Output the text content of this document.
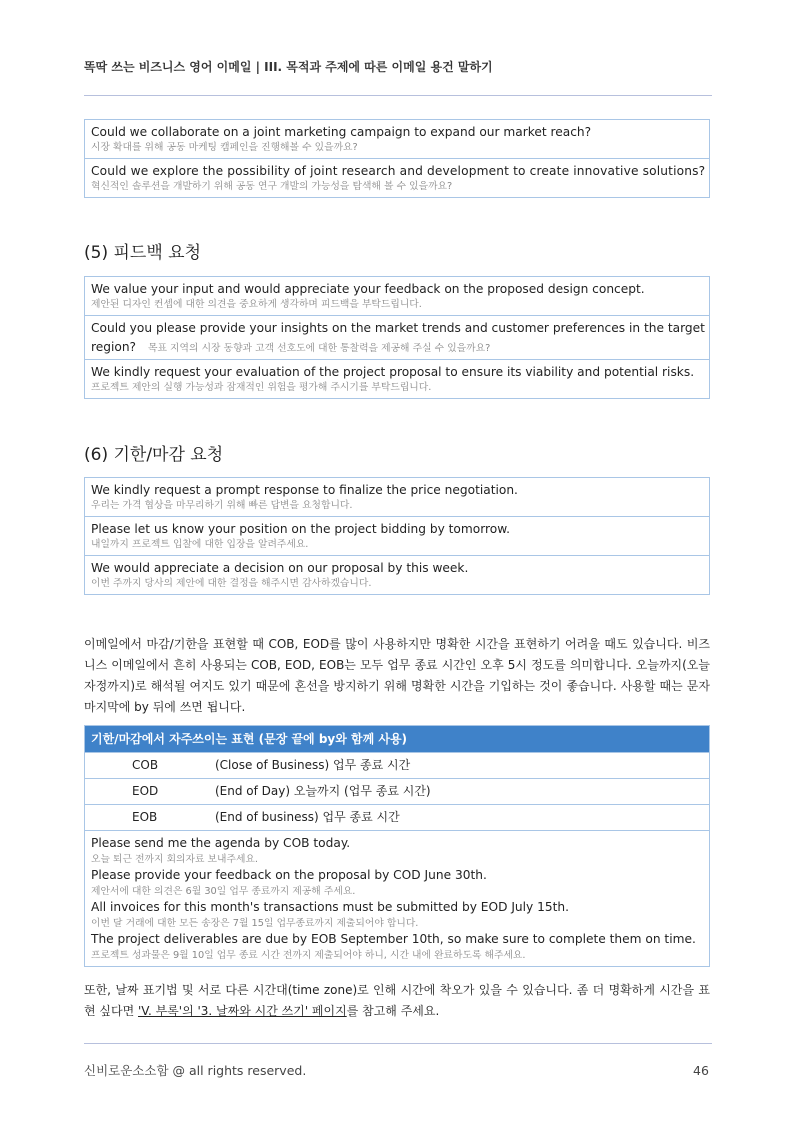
똑딱 쓰는 비즈니스 영어 이메일 | III. 목적과 주제에 따른 이메일 용건 말하기
Could we collaborate on a joint marketing campaign to expand our market reach?
시장 확대를 위해 공동 마케팅 캠페인을 진행해볼 수 있을까요?
Could we explore the possibility of joint research and development to create innovative solutions?
혁신적인 솔루션을 개발하기 위해 공동 연구 개발의 가능성을 탐색해 볼 수 있을까요?
(5) 피드백 요청
We value your input and would appreciate your feedback on the proposed design concept.
제안된 디자인 컨셉에 대한 의견을 중요하게 생각하며 피드백을 부탁드립니다.
Could you please provide your insights on the market trends and customer preferences in the target
region? 목표 지역의 시장 동향과 고객 선호도에 대한 통찰력을 제공해 주실 수 있을까요?
We kindly request your evaluation of the project proposal to ensure its viability and potential risks.
프로젝트 제안의 실행 가능성과 잠재적인 위험을 평가해 주시기를 부탁드립니다.
(6) 기한/마감 요청
We kindly request a prompt response to finalize the price negotiation.
우리는 가격 협상을 마무리하기 위해 빠른 답변을 요청합니다.
Please let us know your position on the project bidding by tomorrow.
내일까지 프로젝트 입찰에 대한 입장을 알려주세요.
We would appreciate a decision on our proposal by this week.
이번 주까지 당사의 제안에 대한 결정을 해주시면 감사하겠습니다.
이메일에서 마감/기한을 표현할 때 COB, EOD를 많이 사용하지만 명확한 시간을 표현하기 어려울 때도 있습니다. 비즈니스 이메일에서 흔히 사용되는 COB, EOD, EOB는 모두 업무 종료 시간인 오후 5시 정도를 의미합니다. 오늘까지(오늘 자정까지)로 해석될 여지도 있기 때문에 혼선을 방지하기 위해 명확한 시간을 기입하는 것이 좋습니다. 사용할 때는 문자 마지막에 by 뒤에 쓰면 됩니다.
기한/마감에서 자주쓰이는 표현 (문장 끝에 by와 함께 사용)
COB	(Close of Business) 업무 종료 시간
EOD	(End of Day) 오늘까지 (업무 종료 시간)
EOB	(End of business) 업무 종료 시간
Please send me the agenda by COB today.
오늘 퇴근 전까지 회의자료 보내주세요.
Please provide your feedback on the proposal by COD June 30th.
제안서에 대한 의견은 6월 30일 업무 종료까지 제공해 주세요.
All invoices for this month's transactions must be submitted by EOD July 15th.
이번 달 거래에 대한 모든 송장은 7월 15일 업무종료까지 제출되어야 합니다.
The project deliverables are due by EOB September 10th, so make sure to complete them on time.
프로젝트 성과물은 9월 10일 업무 종료 시간 전까지 제출되어야 하니, 시간 내에 완료하도록 해주세요.
또한, 날짜 표기법 및 서로 다른 시간대(time zone)로 인해 시간에 착오가 있을 수 있습니다. 좀 더 명확하게 시간을 표현 싶다면 'V. 부록'의 '3. 날짜와 시간 쓰기' 페이지를 참고해 주세요.
신비로운소소함 @ all rights reserved.	46
